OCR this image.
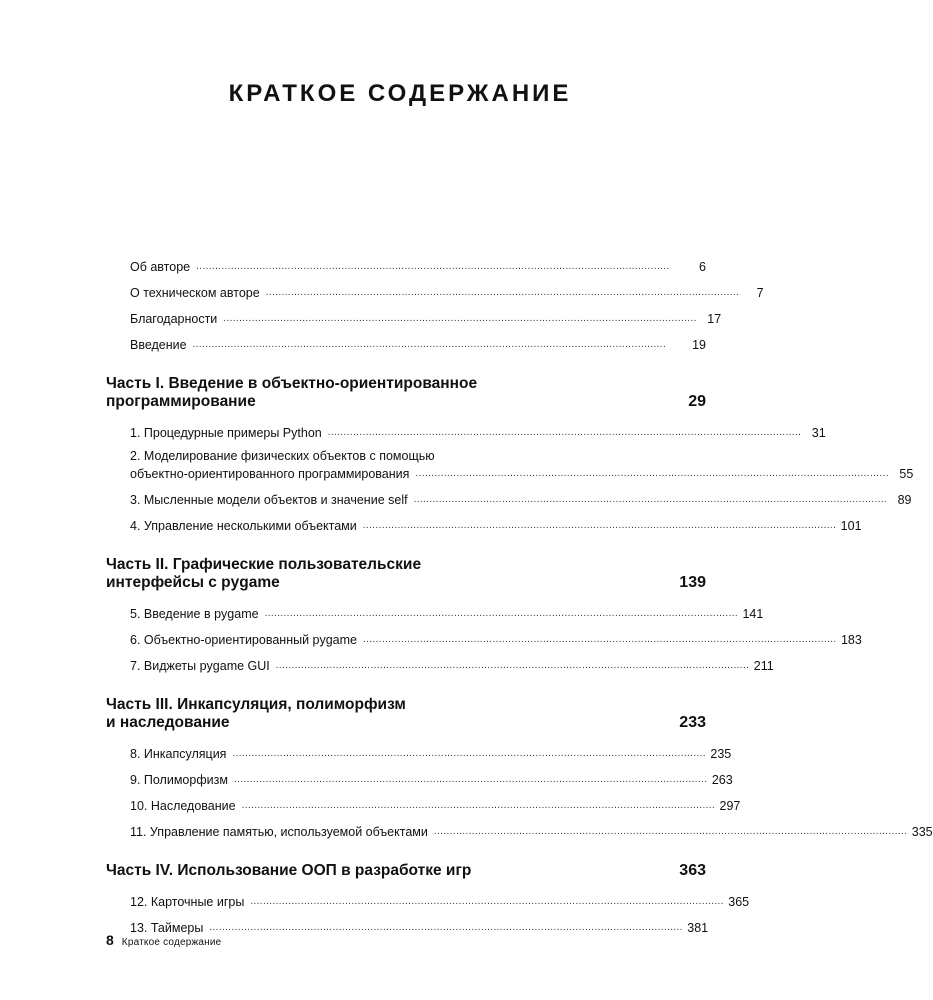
КРАТКОЕ СОДЕРЖАНИЕ
Об авторе . . .	6
О техническом авторе . . .	7
Благодарности . . .	17
Введение . . .	19
Часть I. Введение в объектно-ориентированное
программирование	29
1. Процедурные примеры Python . . .	31
2. Моделирование физических объектов с помощью
объектно-ориентированного программирования . . .	55
3. Мысленные модели объектов и значение self . . .	89
4. Управление несколькими объектами . . .	101
Часть II. Графические пользовательские
интерфейсы с pygame	139
5. Введение в pygame . . .	141
6. Объектно-ориентированный pygame . . .	183
7. Виджеты pygame GUI . . .	211
Часть III. Инкапсуляция, полиморфизм
и наследование	233
8. Инкапсуляция . . .	235
9. Полиморфизм . . .	263
10. Наследование . . .	297
11. Управление памятью, используемой объектами . . .	335
Часть IV. Использование ООП в разработке игр	363
12. Карточные игры . . .	365
13. Таймеры . . .	381
8 Краткое содержание
